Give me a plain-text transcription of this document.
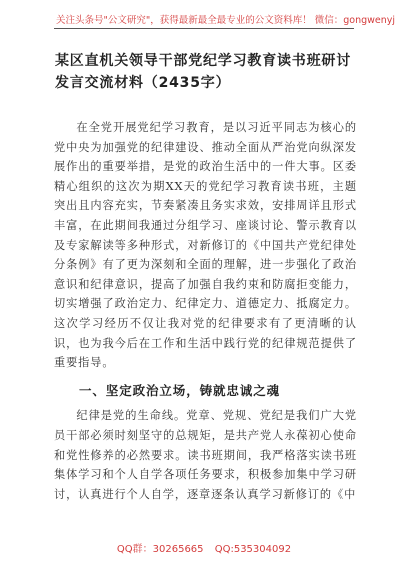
关注头条号"公文研究"，获得最新最全最专业的公文资料库！ 微信：gongwenyj
某区直机关领导干部党纪学习教育读书班研讨发言交流材料（2435字）

在全党开展党纪学习教育，是以习近平同志为核心的党中央为加强党的纪律建设、推动全面从严治党向纵深发展作出的重要举措，是党的政治生活中的一件大事。区委精心组织的这次为期XX天的党纪学习教育读书班，主题突出且内容充实，节奏紧凑且务实求效，安排周详且形式丰富，在此期间我通过分组学习、座谈讨论、警示教育以及专家解读等多种形式，对新修订的《中国共产党纪律处分条例》有了更为深刻和全面的理解，进一步强化了政治意识和纪律意识，提高了加强自我约束和防腐拒变能力，切实增强了政治定力、纪律定力、道德定力、抵腐定力。这次学习经历不仅让我对党的纪律要求有了更清晰的认识，也为我今后在工作和生活中践行党的纪律规范提供了重要指导。

一、坚定政治立场，铸就忠诚之魂

纪律是党的生命线。党章、党规、党纪是我们广大党员干部必须时刻坚守的总规矩，是共产党人永葆初心使命和党性修养的必然要求。读书班期间，我严格落实读书班集体学习和个人自学各项任务要求，积极参加集中学习研讨，认真进行个人自学，逐章逐条认真学习新修订的《中

QQ群：30265665 QQ:535304092
